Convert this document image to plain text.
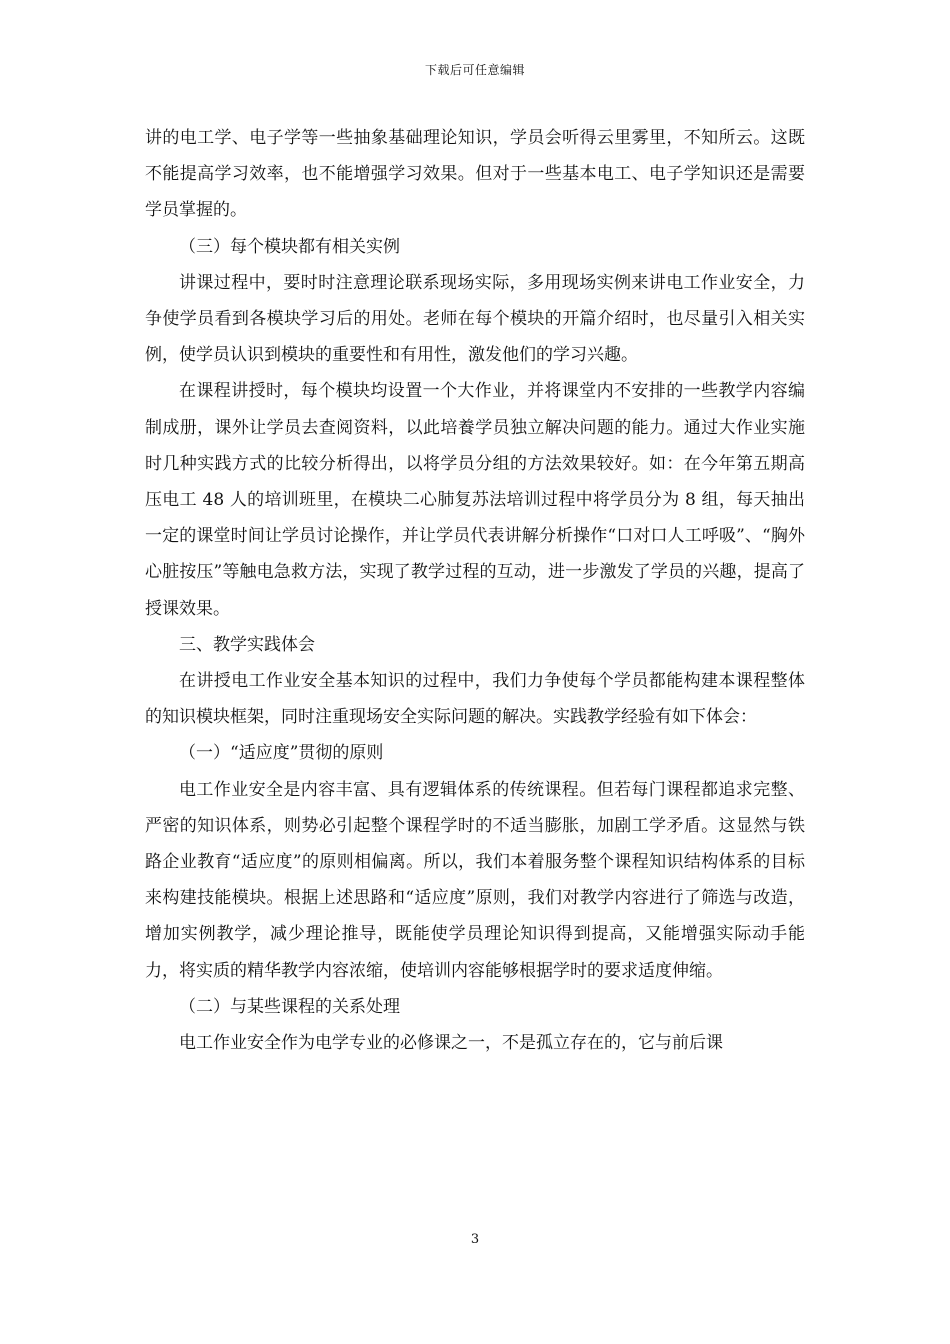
下载后可任意编辑

讲的电工学、电子学等一些抽象基础理论知识，学员会听得云里雾里，不知所云。这既不能提高学习效率，也不能增强学习效果。但对于一些基本电工、电子学知识还是需要学员掌握的。

（三）每个模块都有相关实例

讲课过程中，要时时注意理论联系现场实际，多用现场实例来讲电工作业安全，力争使学员看到各模块学习后的用处。老师在每个模块的开篇介绍时，也尽量引入相关实例，使学员认识到模块的重要性和有用性，激发他们的学习兴趣。

在课程讲授时，每个模块均设置一个大作业，并将课堂内不安排的一些教学内容编制成册，课外让学员去查阅资料，以此培養学员独立解决问题的能力。通过大作业实施时几种实践方式的比较分析得出，以将学员分组的方法效果较好。如：在今年第五期高压电工 48 人的培训班里，在模块二心肺复苏法培训过程中将学员分为 8 组，每天抽出一定的课堂时间让学员讨论操作，并让学员代表讲解分析操作“口对口人工呼吸”、“胸外心脏按压”等触电急救方法，实现了教学过程的互动，进一步激发了学员的兴趣，提高了授课效果。

三、教学实践体会

在讲授电工作业安全基本知识的过程中，我们力争使每个学员都能构建本课程整体的知识模块框架，同时注重现场安全实际问题的解决。实践教学经验有如下体会：

（一）“适应度”贯彻的原则

电工作业安全是内容丰富、具有逻辑体系的传统课程。但若每门课程都追求完整、严密的知识体系，则势必引起整个课程学时的不适当膨胀，加剧工学矛盾。这显然与铁路企业教育“适应度”的原则相偏离。所以，我们本着服务整个课程知识结构体系的目标来构建技能模块。根据上述思路和“适应度”原则，我们对教学内容进行了筛选与改造，增加实例教学，减少理论推导，既能使学员理论知识得到提高，又能增强实际动手能力，将实质的精华教学内容浓缩，使培训内容能够根据学时的要求适度伸缩。

（二）与某些课程的关系处理

电工作业安全作为电学专业的必修课之一，不是孤立存在的，它与前后课

3
